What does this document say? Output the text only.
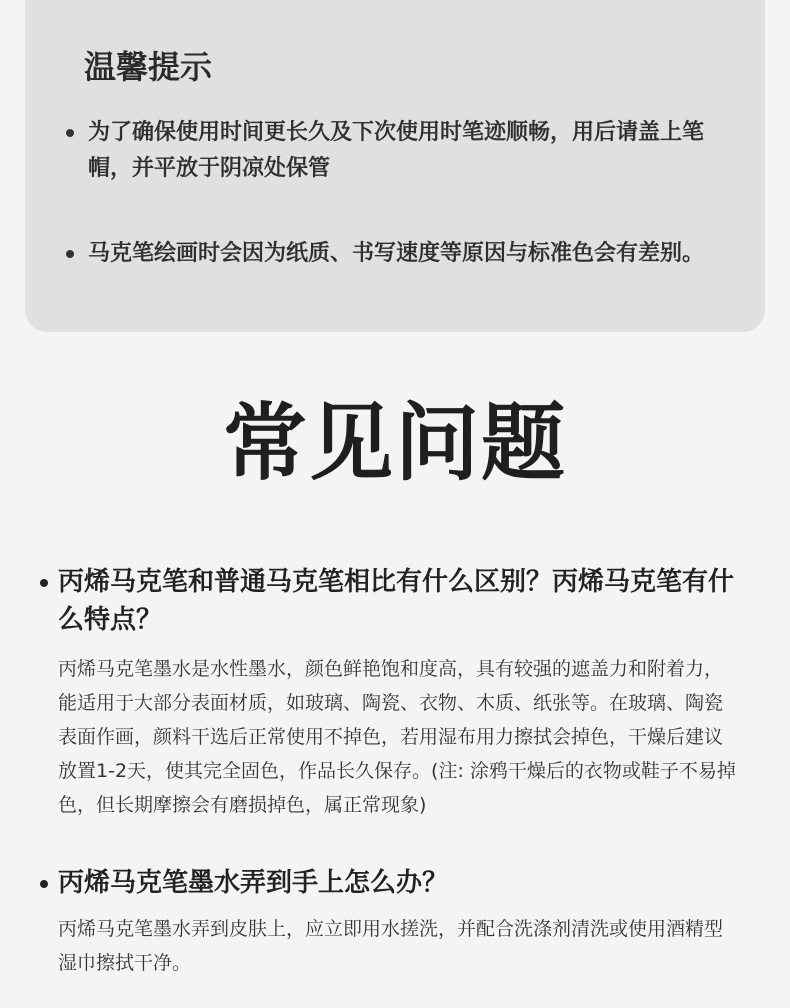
温馨提示
为了确保使用时间更长久及下次使用时笔迹顺畅，用后请盖上笔帽，并平放于阴凉处保管
马克笔绘画时会因为纸质、书写速度等原因与标准色会有差别。
常见问题
丙烯马克笔和普通马克笔相比有什么区别？丙烯马克笔有什么特点？
丙烯马克笔墨水是水性墨水，颜色鲜艳饱和度高，具有较强的遮盖力和附着力，能适用于大部分表面材质，如玻璃、陶瓷、衣物、木质、纸张等。在玻璃、陶瓷表面作画，颜料干选后正常使用不掉色，若用湿布用力擦拭会掉色，干燥后建议放置1-2天，使其完全固色，作品长久保存。(注: 涂鸦干燥后的衣物或鞋子不易掉色，但长期摩擦会有磨损掉色，属正常现象)
丙烯马克笔墨水弄到手上怎么办？
丙烯马克笔墨水弄到皮肤上，应立即用水搓洗，并配合洗涤剂清洗或使用酒精型湿巾擦拭干净。
